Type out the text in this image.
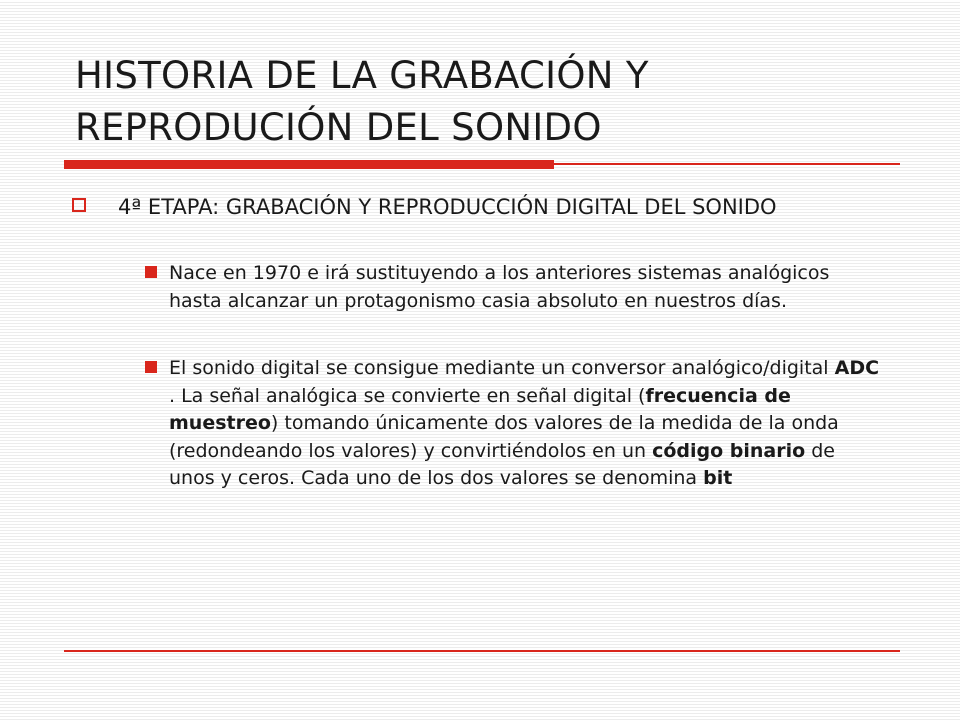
HISTORIA DE LA GRABACIÓN Y
REPRODUCIÓN DEL SONIDO
4ª ETAPA: GRABACIÓN Y REPRODUCCIÓN DIGITAL DEL SONIDO
Nace en 1970 e irá sustituyendo a los anteriores sistemas analógicos hasta alcanzar un protagonismo casia absoluto en nuestros días.
El sonido digital se consigue mediante un conversor analógico/digital ADC . La señal analógica se convierte en señal digital (frecuencia de muestreo) tomando únicamente dos valores de la medida de la onda (redondeando los valores) y convirtiéndolos en un código binario de unos y ceros. Cada uno de los dos valores se denomina bit
